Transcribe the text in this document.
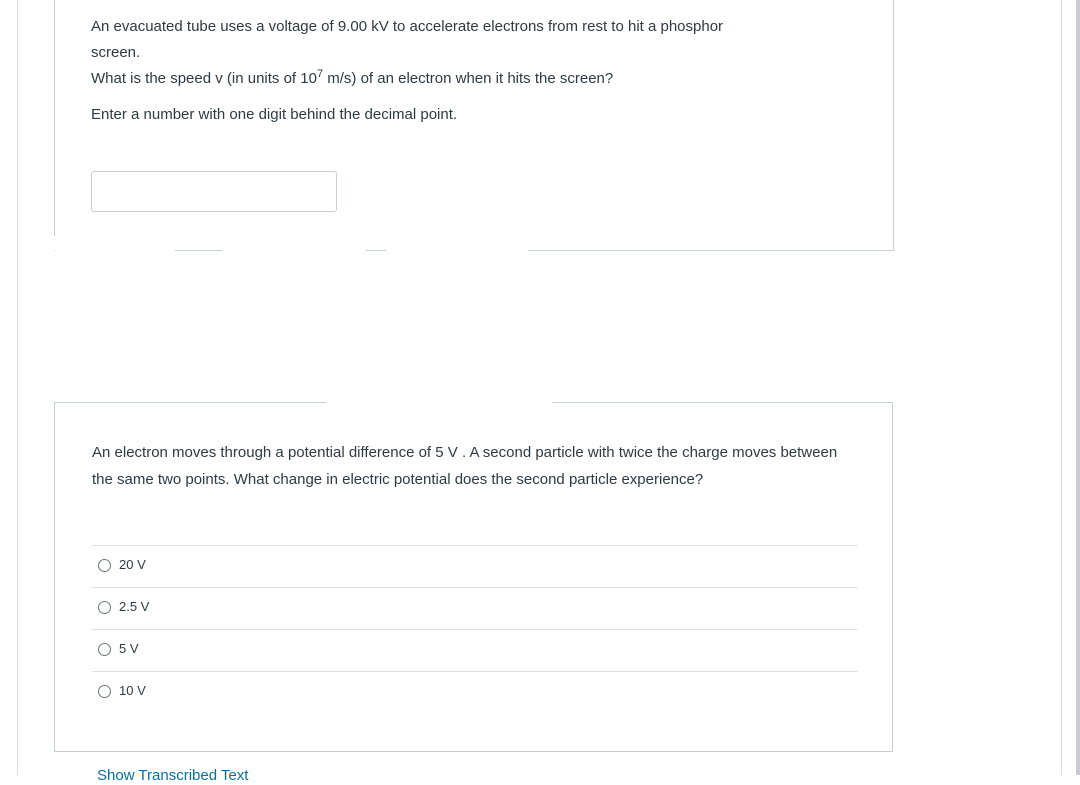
An evacuated tube uses a voltage of 9.00 kV to accelerate electrons from rest to hit a phosphor

screen.

What is the speed v (in units of $10^7$ m/s) of an electron when it hits the screen?

Enter a number with one digit behind the decimal point.

An electron moves through a potential difference of 5 V . A second particle with twice the charge moves between the same two points. What change in electric potential does the second particle experience?
20 V
2.5 V
5 V
10 V
Show Transcribed Text
